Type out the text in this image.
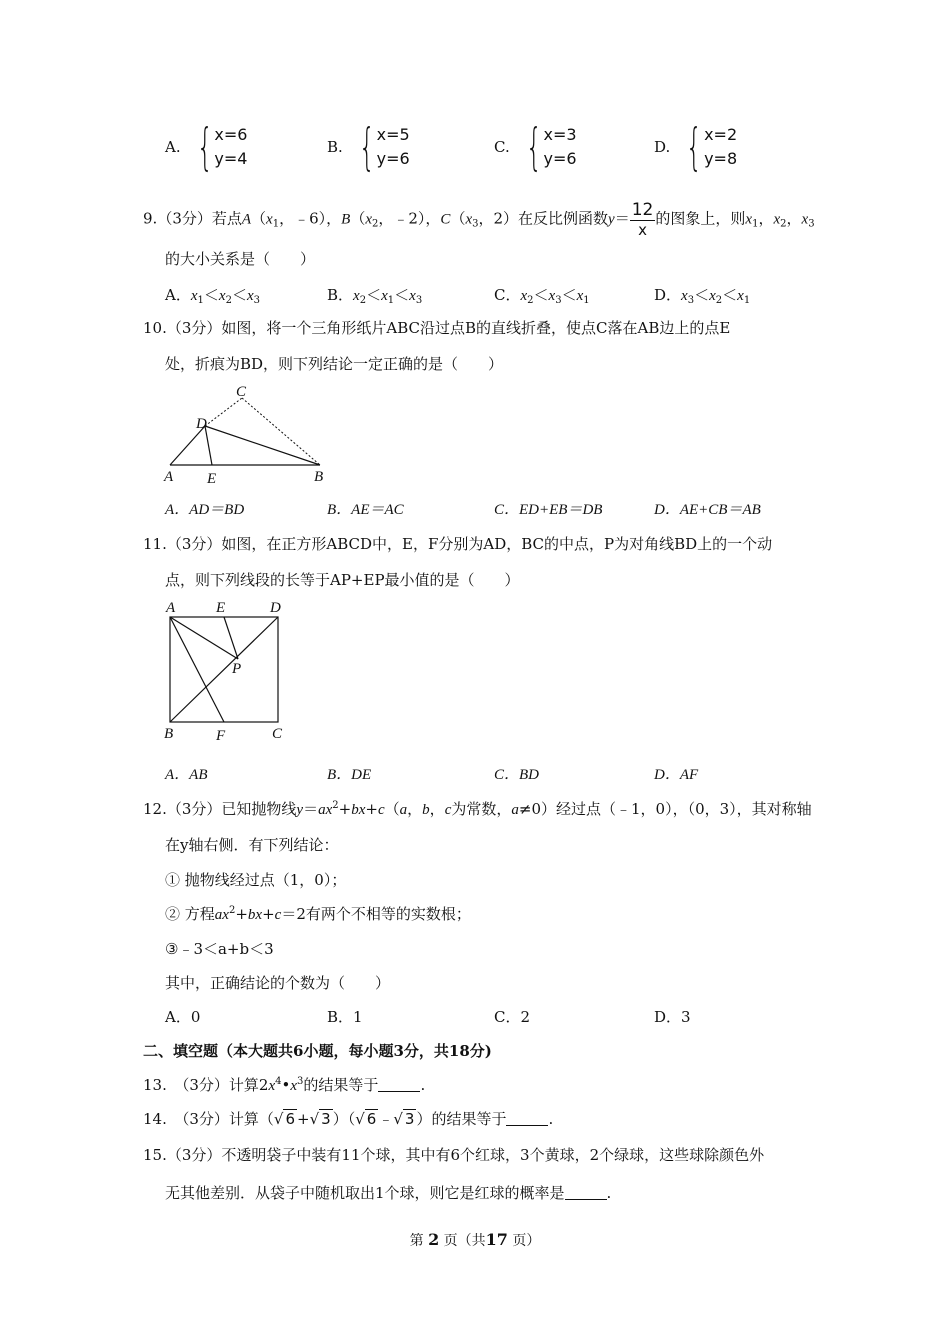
A. { x=6
y=4
B. { x=5
y=6
C. { x=3
y=6
D. { x=2
y=8
9.（3分）若点$A(x_1$，﹣6），$B(x_2$，﹣2），$C(x_3$，2）在反比例函数$y= \frac{12}{x}$ 的图象上，则$x_1$，$x_2$，$x_3$
的大小关系是（　　）
A．$x_1<x_2<x_3$	B．$x_2<x_1<x_3$	C．$x_2<x_3<x_1$	D．$x_3<x_2<x_1$
10.（3分）如图，将一个三角形纸片ABC沿过点B的直线折叠，使点C落在AB边上的点E
处，折痕为BD，则下列结论一定正确的是（　　）
C
D
A E	B
A．AD＝BD	B．AE＝AC	C．ED+EB＝DB	D．AE+CB＝AB
11.（3分）如图，在正方形ABCD中，E，F分别为AD，BC的中点，P为对角线BD上的一个动
点，则下列线段的长等于AP+EP最小值的是（　　）
A	E	D
P
B	F	C
A．AB	B．DE	C．BD	D．AF
12.（3分）已知抛物线$y=ax^2+bx+c(a$，b，c为常数，a≠0）经过点（﹣1，0），（0，3），其对称轴
在y轴右侧．有下列结论：
① 抛物线经过点（1，0）；
② 方程$ax^2+bx+c=2$有两个不相等的实数根；
③﹣3＜a+b＜3
其中，正确结论的个数为（　　）
A．0	B．1	C．2	D．3
二、填空题（本大题共6小题，每小题3分，共18分)
13.　 （3分）计算$2x^4•x^3$的结果等于	.
14.　 （3分）计算（√ 6 +√ 3 ）（√ 6 ﹣√ 3 ）的结果等于	.
15.（3分）不透明袋子中装有11个球，其中有6个红球，3个黄球，2个绿球，这些球除颜色外
无其他差别．从袋子中随机取出1个球，则它是红球的概率是	.
第 2 页（共17 页）
